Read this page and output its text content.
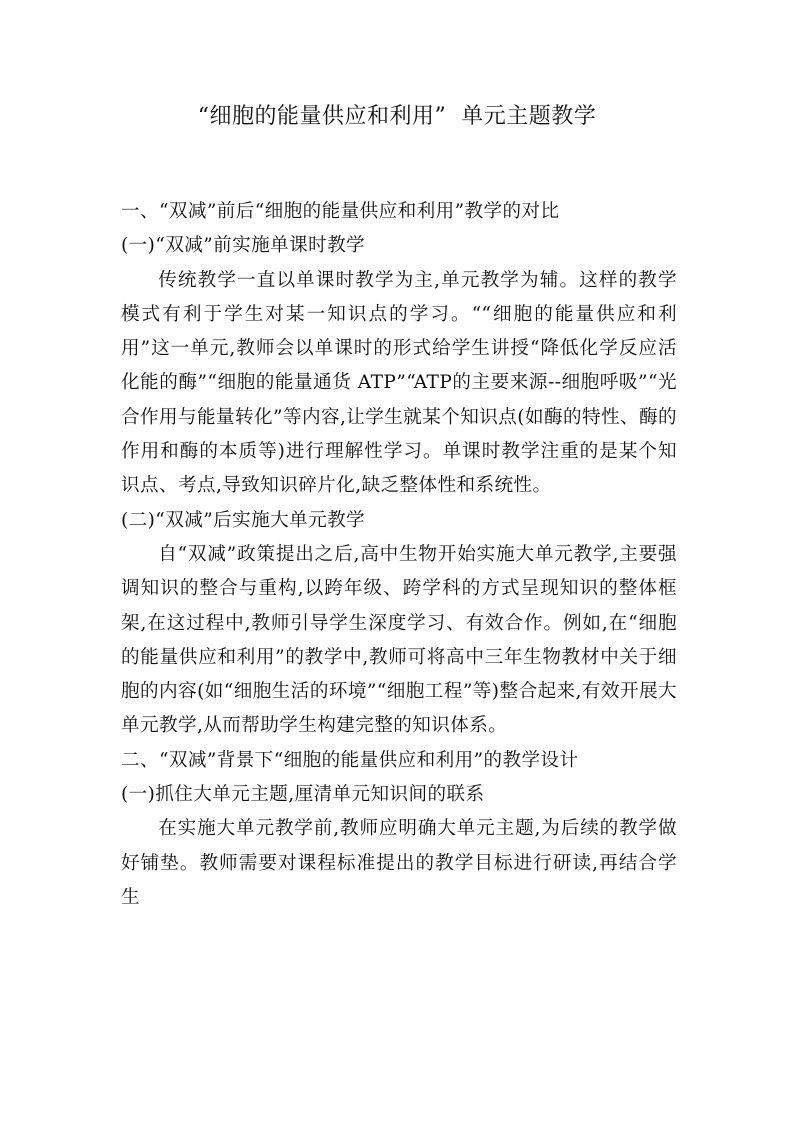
“细胞的能量供应和利用”  单元主题教学

一、“双减”前后“细胞的能量供应和利用”教学的对比

(一)“双减”前实施单课时教学

传统教学一直以单课时教学为主,单元教学为辅。这样的教学模式有利于学生对某一知识点的学习。““细胞的能量供应和利用”这一单元,教师会以单课时的形式给学生讲授“降低化学反应活化能的酶”“细胞的能量通货 ATP”“ATP的主要来源--细胞呼吸”“光合作用与能量转化”等内容,让学生就某个知识点(如酶的特性、酶的作用和酶的本质等)进行理解性学习。单课时教学注重的是某个知识点、考点,导致知识碎片化,缺乏整体性和系统性。

(二)“双减”后实施大单元教学

自“双减”政策提出之后,高中生物开始实施大单元教学,主要强调知识的整合与重构,以跨年级、跨学科的方式呈现知识的整体框架,在这过程中,教师引导学生深度学习、有效合作。例如,在“细胞的能量供应和利用”的教学中,教师可将高中三年生物教材中关于细胞的内容(如“细胞生活的环境”“细胞工程”等)整合起来,有效开展大单元教学,从而帮助学生构建完整的知识体系。

二、“双减”背景下“细胞的能量供应和利用”的教学设计

(一)抓住大单元主题,厘清单元知识间的联系

在实施大单元教学前,教师应明确大单元主题,为后续的教学做好铺垫。教师需要对课程标准提出的教学目标进行研读,再结合学生
